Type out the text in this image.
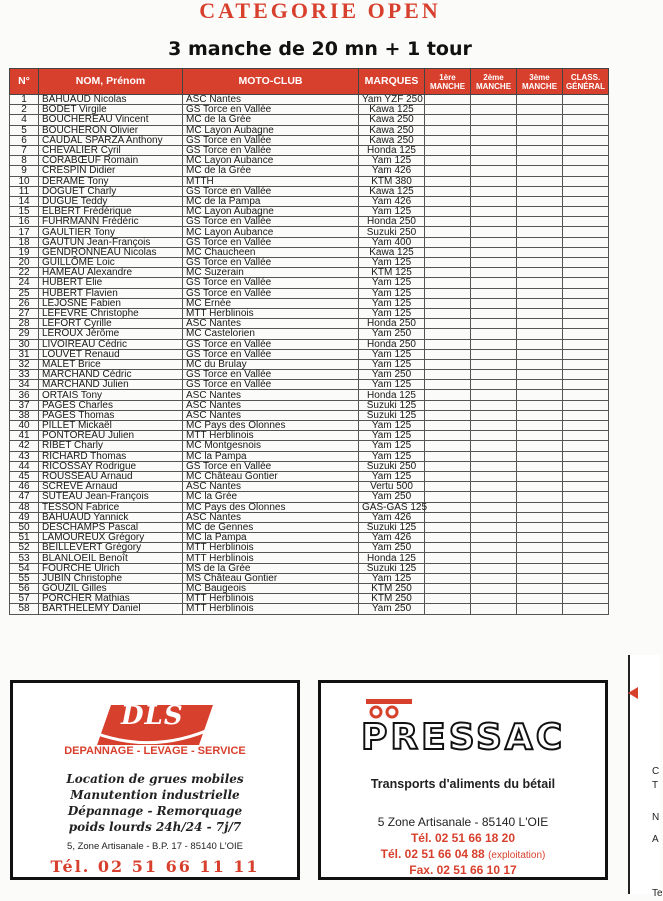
CATEGORIE OPEN
3 manche de 20 mn + 1 tour
N°	NOM, Prénom	MOTO-CLUB	MARQUES	1ère MANCHE	2ème MANCHE	3ème MANCHE	CLASS. GÉNÉRAL
1	BAHUAUD Nicolas	ASC Nantes	Yam YZF 250				
2	BODET Virgile	GS Torce en Vallée	Kawa 125				
4	BOUCHEREAU Vincent	MC de la Grée	Kawa 250				
5	BOUCHERON Olivier	MC Layon Aubagne	Kawa 250				
6	CAUDAL SPARZA Anthony	GS Torce en Vallée	Kawa 250				
7	CHEVALIER Cyril	GS Torce en Vallée	Honda 125				
8	CORABŒUF Romain	MC Layon Aubance	Yam 125				
9	CRESPIN Didier	MC de la Grée	Yam 426				
10	DERAME Tony	MTTH	KTM 380				
11	DOGUET Charly	GS Torce en Vallée	Kawa 125				
14	DUGUE Teddy	MC de la Pampa	Yam 426				
15	ELBERT Frédérique	MC Layon Aubagne	Yam 125				
16	FUHRMANN Frédéric	GS Torce en Vallée	Honda 250				
17	GAULTIER Tony	MC Layon Aubance	Suzuki 250				
18	GAUTUN Jean-François	GS Torce en Vallée	Yam 400				
19	GENDRONNEAU Nicolas	MC Chaucheen	Kawa 125				
20	GUILLÔME Loic	GS Torce en Vallée	Yam 125				
22	HAMEAU Alexandre	MC Suzerain	KTM 125				
24	HUBERT Elie	GS Torce en Vallée	Yam 125				
25	HUBERT Flavien	GS Torce en Vallée	Yam 125				
26	LEJOSNE Fabien	MC Ernée	Yam 125				
27	LEFEVRE Christophe	MTT Herblinois	Yam 125				
28	LEFORT Cyrille	ASC Nantes	Honda 250				
29	LEROUX Jérôme	MC Castelorien	Yam 250				
30	LIVOIREAU Cédric	GS Torce en Vallée	Honda 250				
31	LOUVET Renaud	GS Torce en Vallée	Yam 125				
32	MALET Brice	MC du Brulay	Yam 125				
33	MARCHAND Cédric	GS Torce en Vallée	Yam 250				
34	MARCHAND Julien	GS Torce en Vallée	Yam 125				
36	ORTAIS Tony	ASC Nantes	Honda 125				
37	PAGES Charles	ASC Nantes	Suzuki 125				
38	PAGES Thomas	ASC Nantes	Suzuki 125				
40	PILLET Mickaël	MC Pays des Olonnes	Yam 125				
41	PONTOREAU Julien	MTT Herblinois	Yam 125				
42	RIBET Charly	MC Montgesnois	Yam 125				
43	RICHARD Thomas	MC la Pampa	Yam 125				
44	RICOSSAY Rodrigue	GS Torce en Vallée	Suzuki 250				
45	ROUSSEAU Arnaud	MC Château Gontier	Yam 125				
46	SCREVE Arnaud	ASC Nantes	Vertu 500				
47	SUTEAU Jean-François	MC la Grée	Yam 250				
48	TESSON Fabrice	MC Pays des Olonnes	GAS-GAS 125				
49	BAHUAUD Yannick	ASC Nantes	Yam 426				
50	DESCHAMPS Pascal	MC de Gennes	Suzuki 125				
51	LAMOUREUX Grégory	MC la Pampa	Yam 426				
52	BEILLEVERT Grégory	MTT Herblinois	Yam 250				
53	BLANLOEIL Benoît	MTT Herblinois	Honda 125				
54	FOURCHE Ulrich	MS de la Grée	Suzuki 125				
55	JUBIN Christophe	MS Château Gontier	Yam 125				
56	GOUZIL Gilles	MC Baugeois	KTM 250				
57	PORCHER Mathias	MTT Herblinois	KTM 250				
58	BARTHELEMY Daniel	MTT Herblinois	Yam 250				
DLS
DEPANNAGE - LEVAGE - SERVICE
Location de grues mobiles
Manutention industrielle
Dépannage - Remorquage
poids lourds 24h/24 - 7j/7
5, Zone Artisanale - B.P. 17 - 85140 L'OIE
Tél. 02 51 66 11 11
PRESSAC
Transports d'aliments du bétail
5 Zone Artisanale - 85140 L'OIE
Tél. 02 51 66 18 20
Tél. 02 51 66 04 88 (exploitation)
Fax. 02 51 66 10 17
C
T
N
A
Te
